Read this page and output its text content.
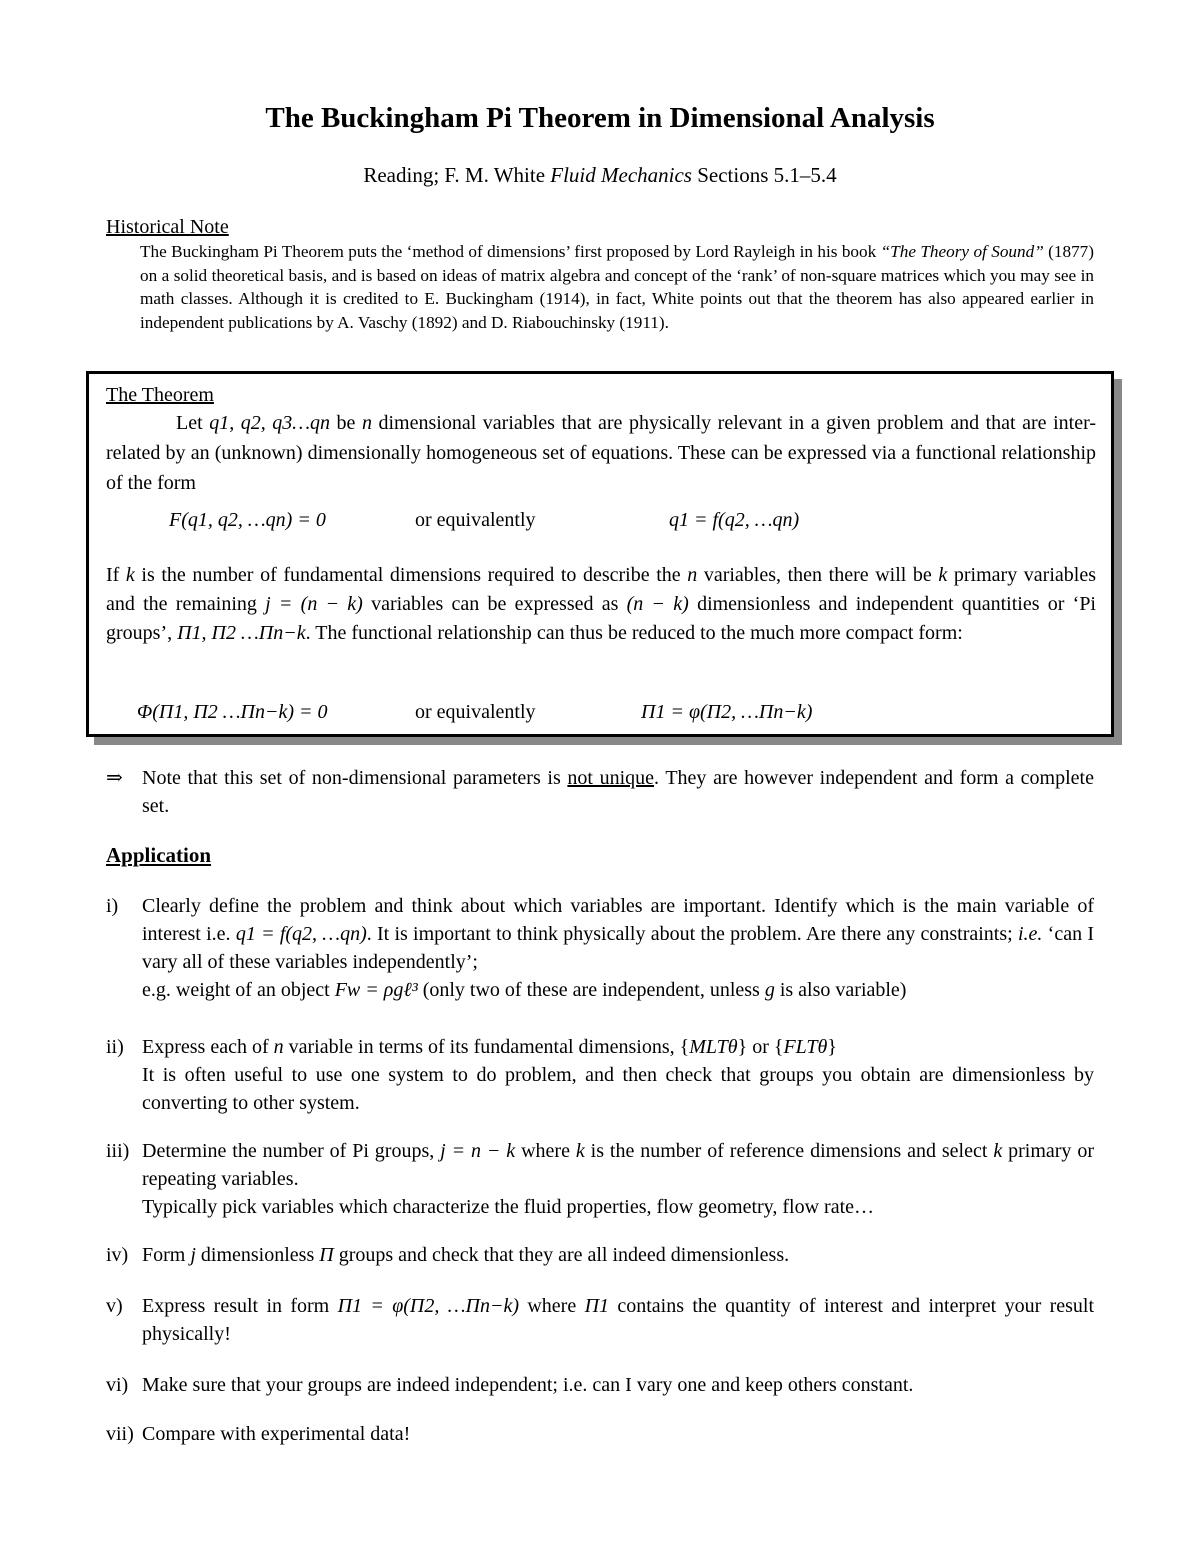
The Buckingham Pi Theorem in Dimensional Analysis
Reading; F. M. White Fluid Mechanics Sections 5.1–5.4
Historical Note
The Buckingham Pi Theorem puts the ‘method of dimensions’ first proposed by Lord Rayleigh in his book “The Theory of Sound” (1877) on a solid theoretical basis, and is based on ideas of matrix algebra and concept of the ‘rank’ of non-square matrices which you may see in math classes. Although it is credited to E. Buckingham (1914), in fact, White points out that the theorem has also appeared earlier in independent publications by A. Vaschy (1892) and D. Riabouchinsky (1911).
The Theorem
Let q1, q2, q3…qn be n dimensional variables that are physically relevant in a given problem and that are inter-related by an (unknown) dimensionally homogeneous set of equations. These can be expressed via a functional relationship of the form
F(q1, q2, …qn) = 0	or equivalently	q1 = f(q2, …qn)
If k is the number of fundamental dimensions required to describe the n variables, then there will be k primary variables and the remaining j = (n − k) variables can be expressed as (n − k) dimensionless and independent quantities or ‘Pi groups’, Π1, Π2 …Πn−k. The functional relationship can thus be reduced to the much more compact form:
Φ(Π1, Π2 …Πn−k) = 0	or equivalently	Π1 = φ(Π2, …Πn−k)
⇒ Note that this set of non-dimensional parameters is not unique. They are however independent and form a complete set.
Application
i) Clearly define the problem and think about which variables are important. Identify which is the main variable of interest i.e. q1 = f(q2, …qn). It is important to think physically about the problem. Are there any constraints; i.e. ‘can I vary all of these variables independently’;
e.g. weight of an object Fw = ρgℓ³ (only two of these are independent, unless g is also variable)
ii) Express each of n variable in terms of its fundamental dimensions, {MLTθ} or {FLTθ}
It is often useful to use one system to do problem, and then check that groups you obtain are dimensionless by converting to other system.
iii) Determine the number of Pi groups, j = n − k where k is the number of reference dimensions and select k primary or repeating variables.
Typically pick variables which characterize the fluid properties, flow geometry, flow rate…
iv) Form j dimensionless Π groups and check that they are all indeed dimensionless.
v) Express result in form Π1 = φ(Π2, …Πn−k) where Π1 contains the quantity of interest and interpret your result physically!
vi) Make sure that your groups are indeed independent; i.e. can I vary one and keep others constant.
vii) Compare with experimental data!
